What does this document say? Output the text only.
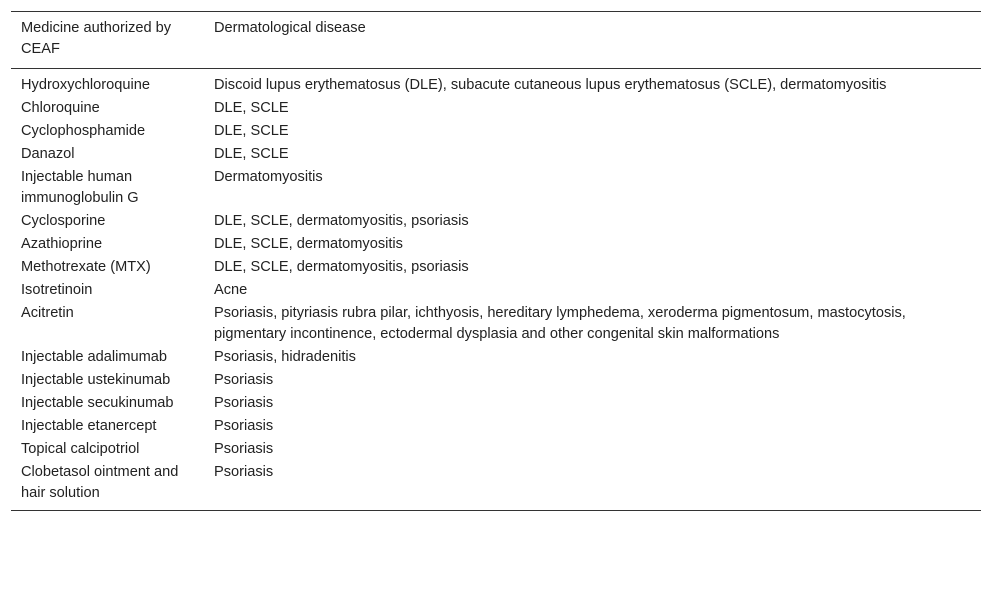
Medicine authorized by CEAF	Dermatological disease
Hydroxychloroquine	Discoid lupus erythematosus (DLE), subacute cutaneous lupus erythematosus (SCLE), dermatomyositis
Chloroquine	DLE, SCLE
Cyclophosphamide	DLE, SCLE
Danazol	DLE, SCLE
Injectable human immunoglobulin G	Dermatomyositis
Cyclosporine	DLE, SCLE, dermatomyositis, psoriasis
Azathioprine	DLE, SCLE, dermatomyositis
Methotrexate (MTX)	DLE, SCLE, dermatomyositis, psoriasis
Isotretinoin	Acne
Acitretin	Psoriasis, pityriasis rubra pilar, ichthyosis, hereditary lymphedema, xeroderma pigmentosum, mastocytosis, pigmentary incontinence, ectodermal dysplasia and other congenital skin malformations
Injectable adalimumab	Psoriasis, hidradenitis
Injectable ustekinumab	Psoriasis
Injectable secukinumab	Psoriasis
Injectable etanercept	Psoriasis
Topical calcipotriol	Psoriasis
Clobetasol ointment and hair solution	Psoriasis
